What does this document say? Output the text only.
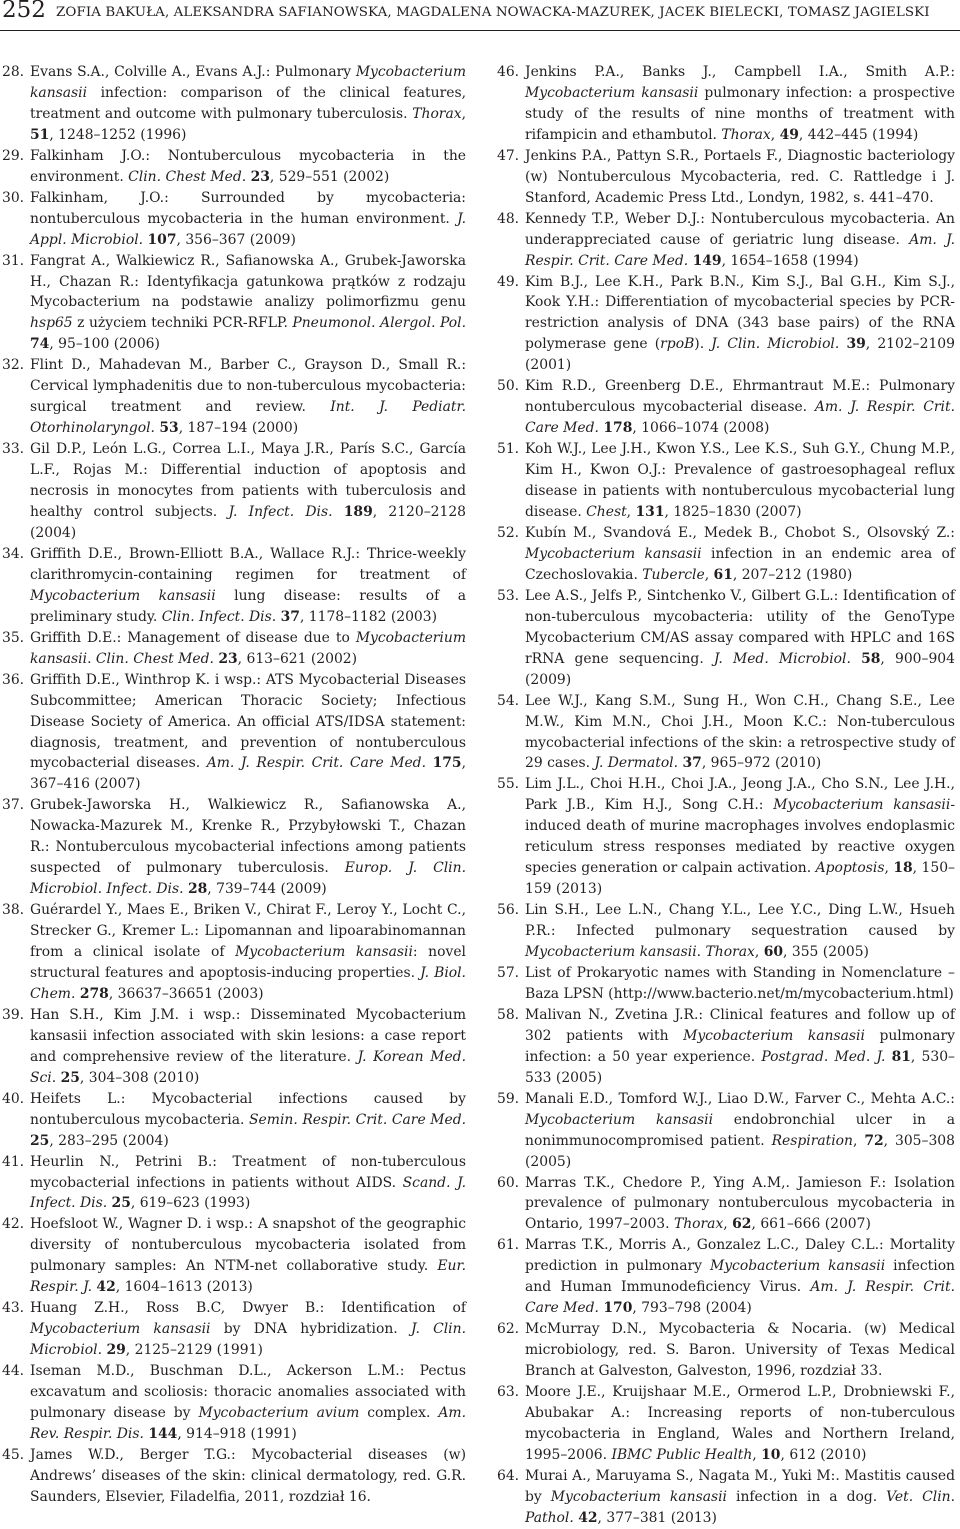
252 ZOFIA BAKUŁA, ALEKSANDRA SAFIANOWSKA, MAGDALENA NOWACKA-MAZUREK, JACEK BIELECKI, TOMASZ JAGIELSKI
28. Evans S.A., Colville A., Evans A.J.: Pulmonary Mycobacterium kansasii infection: comparison of the clinical features, treatment and outcome with pulmonary tuberculosis. Thorax, 51, 1248–1252 (1996)
29. Falkinham J.O.: Nontuberculous mycobacteria in the environment. Clin. Chest Med. 23, 529–551 (2002)
30. Falkinham, J.O.: Surrounded by mycobacteria: nontuberculous mycobacteria in the human environment. J. Appl. Microbiol. 107, 356–367 (2009)
31. Fangrat A., Walkiewicz R., Safianowska A., Grubek-Jaworska H., Chazan R.: Identyfikacja gatunkowa prątków z rodzaju Mycobacterium na podstawie analizy polimorfizmu genu hsp65 z użyciem techniki PCR-RFLP. Pneumonol. Alergol. Pol. 74, 95–100 (2006)
32. Flint D., Mahadevan M., Barber C., Grayson D., Small R.: Cervical lymphadenitis due to non-tuberculous mycobacteria: surgical treatment and review. Int. J. Pediatr. Otorhinolaryngol. 53, 187–194 (2000)
33. Gil D.P., León L.G., Correa L.I., Maya J.R., París S.C., García L.F., Rojas M.: Differential induction of apoptosis and necrosis in monocytes from patients with tuberculosis and healthy control subjects. J. Infect. Dis. 189, 2120–2128 (2004)
34. Griffith D.E., Brown-Elliott B.A., Wallace R.J.: Thrice-weekly clarithromycin-containing regimen for treatment of Mycobacterium kansasii lung disease: results of a preliminary study. Clin. Infect. Dis. 37, 1178–1182 (2003)
35. Griffith D.E.: Management of disease due to Mycobacterium kansasii. Clin. Chest Med. 23, 613–621 (2002)
36. Griffith D.E., Winthrop K. i wsp.: ATS Mycobacterial Diseases Subcommittee; American Thoracic Society; Infectious Disease Society of America. An official ATS/IDSA statement: diagnosis, treatment, and prevention of nontuberculous mycobacterial diseases. Am. J. Respir. Crit. Care Med. 175, 367–416 (2007)
37. Grubek-Jaworska H., Walkiewicz R., Safianowska A., Nowacka-Mazurek M., Krenke R., Przybyłowski T., Chazan R.: Nontuberculous mycobacterial infections among patients suspected of pulmonary tuberculosis. Europ. J. Clin. Microbiol. Infect. Dis. 28, 739–744 (2009)
38. Guérardel Y., Maes E., Briken V., Chirat F., Leroy Y., Locht C., Strecker G., Kremer L.: Lipomannan and lipoarabinomannan from a clinical isolate of Mycobacterium kansasii: novel structural features and apoptosis-inducing properties. J. Biol. Chem. 278, 36637–36651 (2003)
39. Han S.H., Kim J.M. i wsp.: Disseminated Mycobacterium kansasii infection associated with skin lesions: a case report and comprehensive review of the literature. J. Korean Med. Sci. 25, 304–308 (2010)
40. Heifets L.: Mycobacterial infections caused by nontuberculous mycobacteria. Semin. Respir. Crit. Care Med. 25, 283–295 (2004)
41. Heurlin N., Petrini B.: Treatment of non-tuberculous mycobacterial infections in patients without AIDS. Scand. J. Infect. Dis. 25, 619–623 (1993)
42. Hoefsloot W., Wagner D. i wsp.: A snapshot of the geographic diversity of nontuberculous mycobacteria isolated from pulmonary samples: An NTM-net collaborative study. Eur. Respir. J. 42, 1604–1613 (2013)
43. Huang Z.H., Ross B.C, Dwyer B.: Identification of Mycobacterium kansasii by DNA hybridization. J. Clin. Microbiol. 29, 2125–2129 (1991)
44. Iseman M.D., Buschman D.L., Ackerson L.M.: Pectus excavatum and scoliosis: thoracic anomalies associated with pulmonary disease by Mycobacterium avium complex. Am. Rev. Respir. Dis. 144, 914–918 (1991)
45. James W.D., Berger T.G.: Mycobacterial diseases (w) Andrews’ diseases of the skin: clinical dermatology, red. G.R. Saunders, Elsevier, Filadelfia, 2011, rozdział 16.
46. Jenkins P.A., Banks J., Campbell I.A., Smith A.P.: Mycobacterium kansasii pulmonary infection: a prospective study of the results of nine months of treatment with rifampicin and ethambutol. Thorax, 49, 442–445 (1994)
47. Jenkins P.A., Pattyn S.R., Portaels F., Diagnostic bacteriology (w) Nontuberculous Mycobacteria, red. C. Rattledge i J. Stanford, Academic Press Ltd., Londyn, 1982, s. 441–470.
48. Kennedy T.P., Weber D.J.: Nontuberculous mycobacteria. An underappreciated cause of geriatric lung disease. Am. J. Respir. Crit. Care Med. 149, 1654–1658 (1994)
49. Kim B.J., Lee K.H., Park B.N., Kim S.J., Bal G.H., Kim S.J., Kook Y.H.: Differentiation of mycobacterial species by PCR-restriction analysis of DNA (343 base pairs) of the RNA polymerase gene (rpoB). J. Clin. Microbiol. 39, 2102–2109 (2001)
50. Kim R.D., Greenberg D.E., Ehrmantraut M.E.: Pulmonary nontuberculous mycobacterial disease. Am. J. Respir. Crit. Care Med. 178, 1066–1074 (2008)
51. Koh W.J., Lee J.H., Kwon Y.S., Lee K.S., Suh G.Y., Chung M.P., Kim H., Kwon O.J.: Prevalence of gastroesophageal reflux disease in patients with nontuberculous mycobacterial lung disease. Chest, 131, 1825–1830 (2007)
52. Kubín M., Svandová E., Medek B., Chobot S., Olsovský Z.: Mycobacterium kansasii infection in an endemic area of Czechoslovakia. Tubercle, 61, 207–212 (1980)
53. Lee A.S., Jelfs P., Sintchenko V., Gilbert G.L.: Identification of non-tuberculous mycobacteria: utility of the GenoType Mycobacterium CM/AS assay compared with HPLC and 16S rRNA gene sequencing. J. Med. Microbiol. 58, 900–904 (2009)
54. Lee W.J., Kang S.M., Sung H., Won C.H., Chang S.E., Lee M.W., Kim M.N., Choi J.H., Moon K.C.: Non-tuberculous mycobacterial infections of the skin: a retrospective study of 29 cases. J. Dermatol. 37, 965–972 (2010)
55. Lim J.L., Choi H.H., Choi J.A., Jeong J.A., Cho S.N., Lee J.H., Park J.B., Kim H.J., Song C.H.: Mycobacterium kansasii-induced death of murine macrophages involves endoplasmic reticulum stress responses mediated by reactive oxygen species generation or calpain activation. Apoptosis, 18, 150–159 (2013)
56. Lin S.H., Lee L.N., Chang Y.L., Lee Y.C., Ding L.W., Hsueh P.R.: Infected pulmonary sequestration caused by Mycobacterium kansasii. Thorax, 60, 355 (2005)
57. List of Prokaryotic names with Standing in Nomenclature – Baza LPSN (http://www.bacterio.net/m/mycobacterium.html)
58. Malivan N., Zvetina J.R.: Clinical features and follow up of 302 patients with Mycobacterium kansasii pulmonary infection: a 50 year experience. Postgrad. Med. J. 81, 530–533 (2005)
59. Manali E.D., Tomford W.J., Liao D.W., Farver C., Mehta A.C.: Mycobacterium kansasii endobronchial ulcer in a nonimmunocompromised patient. Respiration, 72, 305–308 (2005)
60. Marras T.K., Chedore P., Ying A.M,. Jamieson F.: Isolation prevalence of pulmonary nontuberculous mycobacteria in Ontario, 1997–2003. Thorax, 62, 661–666 (2007)
61. Marras T.K., Morris A., Gonzalez L.C., Daley C.L.: Mortality prediction in pulmonary Mycobacterium kansasii infection and Human Immunodeficiency Virus. Am. J. Respir. Crit. Care Med. 170, 793–798 (2004)
62. McMurray D.N., Mycobacteria & Nocaria. (w) Medical microbiology, red. S. Baron. University of Texas Medical Branch at Galveston, Galveston, 1996, rozdział 33.
63. Moore J.E., Kruijshaar M.E., Ormerod L.P., Drobniewski F., Abubakar A.: Increasing reports of non-tuberculous mycobacteria in England, Wales and Northern Ireland, 1995–2006. IBMC Public Health, 10, 612 (2010)
64. Murai A., Maruyama S., Nagata M., Yuki M:. Mastitis caused by Mycobacterium kansasii infection in a dog. Vet. Clin. Pathol. 42, 377–381 (2013)
